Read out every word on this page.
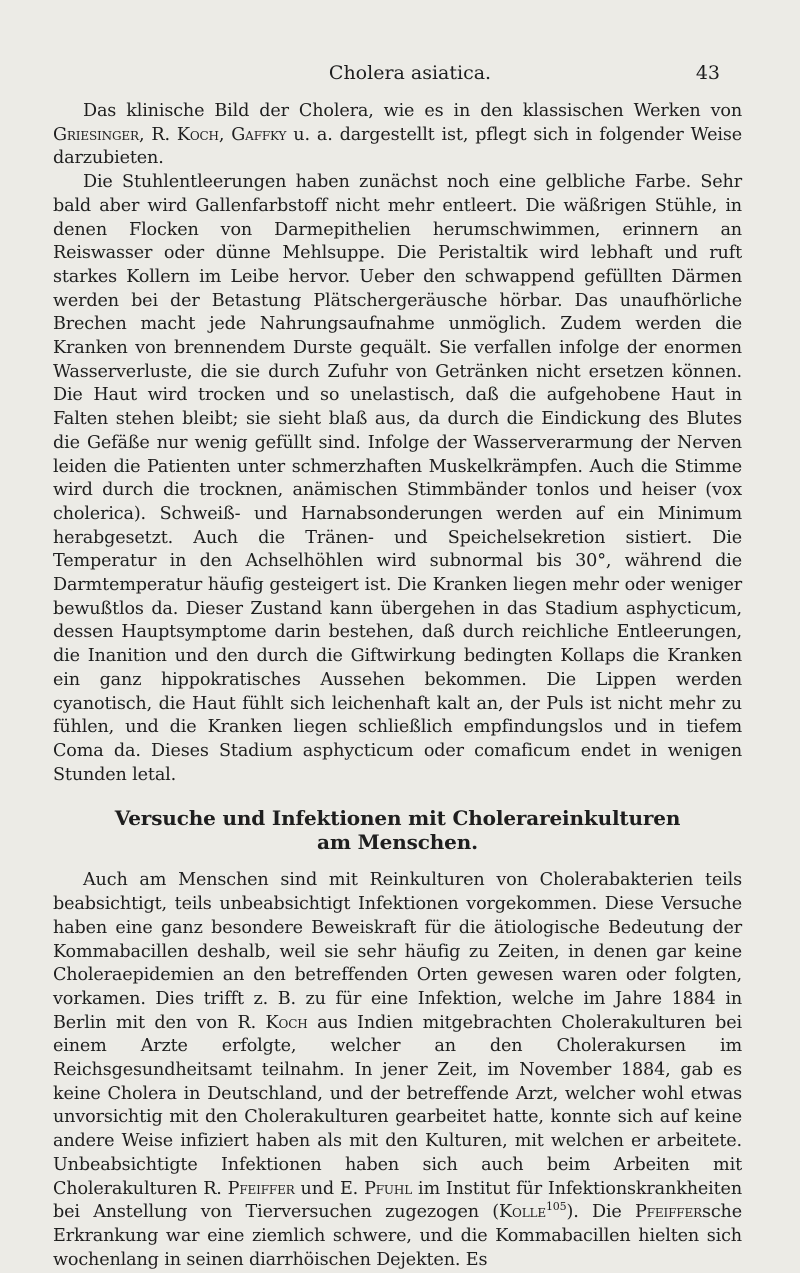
Cholera asiatica.	43

Das klinische Bild der Cholera, wie es in den klassischen Werken von Griesinger, R. Koch, Gaffky u. a. dargestellt ist, pflegt sich in folgender Weise darzubieten.

Die Stuhlentleerungen haben zunächst noch eine gelbliche Farbe. Sehr bald aber wird Gallenfarbstoff nicht mehr entleert. Die wäßrigen Stühle, in denen Flocken von Darmepithelien herumschwimmen, erinnern an Reiswasser oder dünne Mehlsuppe. Die Peristaltik wird lebhaft und ruft starkes Kollern im Leibe hervor. Ueber den schwappend gefüllten Därmen werden bei der Betastung Plätschergeräusche hörbar. Das unaufhörliche Brechen macht jede Nahrungsaufnahme unmöglich. Zudem werden die Kranken von brennendem Durste gequält. Sie verfallen infolge der enormen Wasserverluste, die sie durch Zufuhr von Getränken nicht ersetzen können. Die Haut wird trocken und so unelastisch, daß die aufgehobene Haut in Falten stehen bleibt; sie sieht blaß aus, da durch die Eindickung des Blutes die Gefäße nur wenig gefüllt sind. Infolge der Wasserverarmung der Nerven leiden die Patienten unter schmerzhaften Muskelkrämpfen. Auch die Stimme wird durch die trocknen, anämischen Stimmbänder tonlos und heiser (vox cholerica). Schweiß- und Harnabsonderungen werden auf ein Minimum herabgesetzt. Auch die Tränen- und Speichelsekretion sistiert. Die Temperatur in den Achselhöhlen wird subnormal bis 30°, während die Darmtemperatur häufig gesteigert ist. Die Kranken liegen mehr oder weniger bewußtlos da. Dieser Zustand kann übergehen in das Stadium asphycticum, dessen Hauptsymptome darin bestehen, daß durch reichliche Entleerungen, die Inanition und den durch die Giftwirkung bedingten Kollaps die Kranken ein ganz hippokratisches Aussehen bekommen. Die Lippen werden cyanotisch, die Haut fühlt sich leichenhaft kalt an, der Puls ist nicht mehr zu fühlen, und die Kranken liegen schließlich empfindungslos und in tiefem Coma da. Dieses Stadium asphycticum oder comaficum endet in wenigen Stunden letal.

Versuche und Infektionen mit Cholerareinkulturen
am Menschen.

Auch am Menschen sind mit Reinkulturen von Cholerabakterien teils beabsichtigt, teils unbeabsichtigt Infektionen vorgekommen. Diese Versuche haben eine ganz besondere Beweiskraft für die ätiologische Bedeutung der Kommabacillen deshalb, weil sie sehr häufig zu Zeiten, in denen gar keine Choleraepidemien an den betreffenden Orten gewesen waren oder folgten, vorkamen. Dies trifft z. B. zu für eine Infektion, welche im Jahre 1884 in Berlin mit den von R. Koch aus Indien mitgebrachten Cholerakulturen bei einem Arzte erfolgte, welcher an den Cholerakursen im Reichsgesundheitsamt teilnahm. In jener Zeit, im November 1884, gab es keine Cholera in Deutschland, und der betreffende Arzt, welcher wohl etwas unvorsichtig mit den Cholerakulturen gearbeitet hatte, konnte sich auf keine andere Weise infiziert haben als mit den Kulturen, mit welchen er arbeitete. Unbeabsichtigte Infektionen haben sich auch beim Arbeiten mit Cholerakulturen R. Pfeiffer und E. Pfuhl im Institut für Infektionskrankheiten bei Anstellung von Tierversuchen zugezogen (Kolle$^{105}$). Die Pfeiffersche Erkrankung war eine ziemlich schwere, und die Kommabacillen hielten sich wochenlang in seinen diarrhöischen Dejekten. Es
